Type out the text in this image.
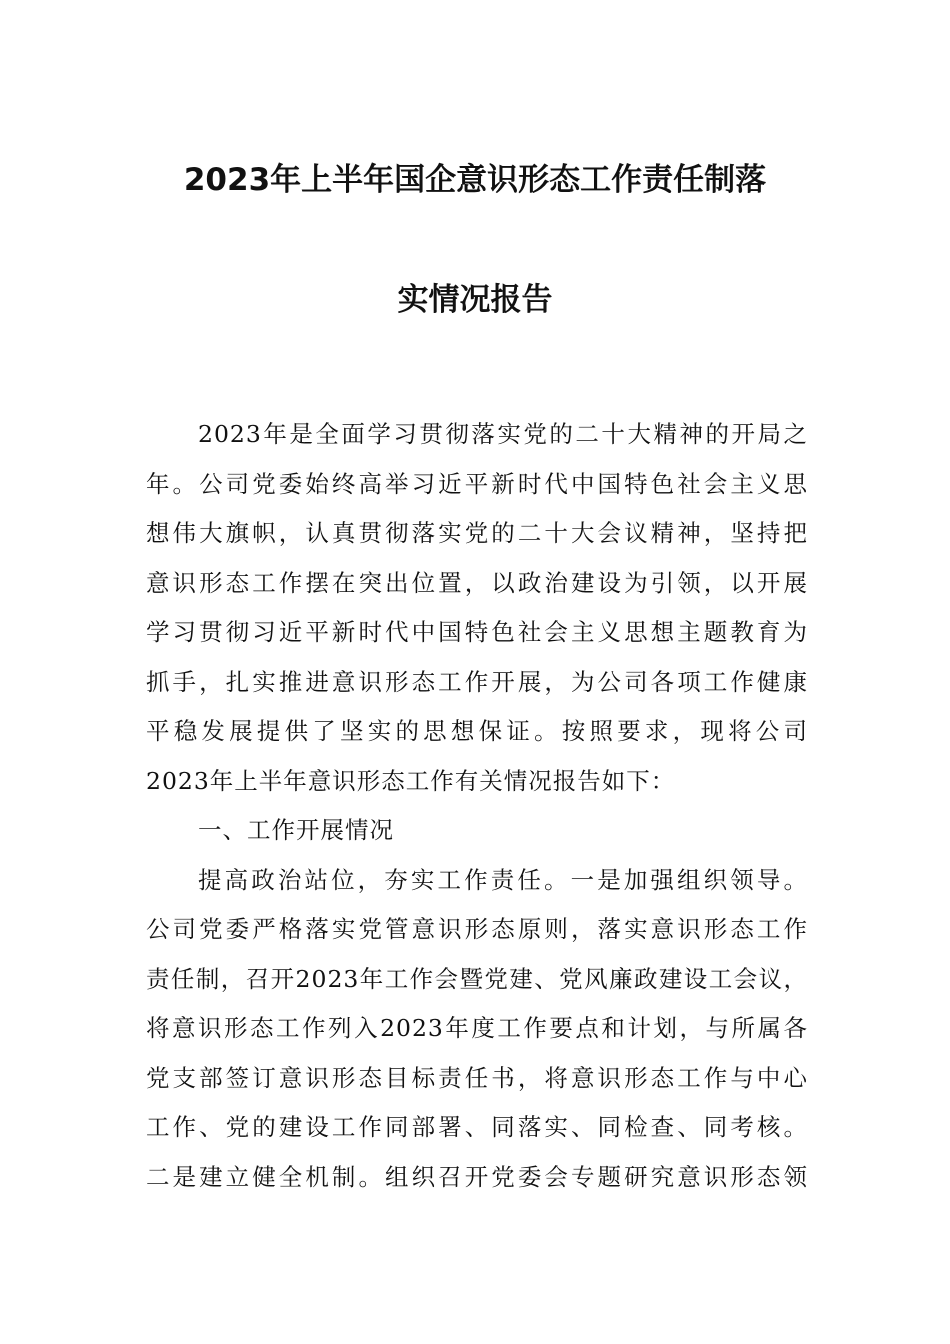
2023年上半年国企意识形态工作责任制落
实情况报告
2023年是全面学习贯彻落实党的二十大精神的开局之
年。公司党委始终高举习近平新时代中国特色社会主义思
想伟大旗帜，认真贯彻落实党的二十大会议精神，坚持把
意识形态工作摆在突出位置，以政治建设为引领，以开展
学习贯彻习近平新时代中国特色社会主义思想主题教育为
抓手，扎实推进意识形态工作开展，为公司各项工作健康
平稳发展提供了坚实的思想保证。按照要求，现将公司
2023年上半年意识形态工作有关情况报告如下：
一、工作开展情况
提高政治站位，夯实工作责任。一是加强组织领导。
公司党委严格落实党管意识形态原则，落实意识形态工作
责任制，召开2023年工作会暨党建、党风廉政建设工会议，
将意识形态工作列入2023年度工作要点和计划，与所属各
党支部签订意识形态目标责任书，将意识形态工作与中心
工作、党的建设工作同部署、同落实、同检查、同考核。
二是建立健全机制。组织召开党委会专题研究意识形态领
